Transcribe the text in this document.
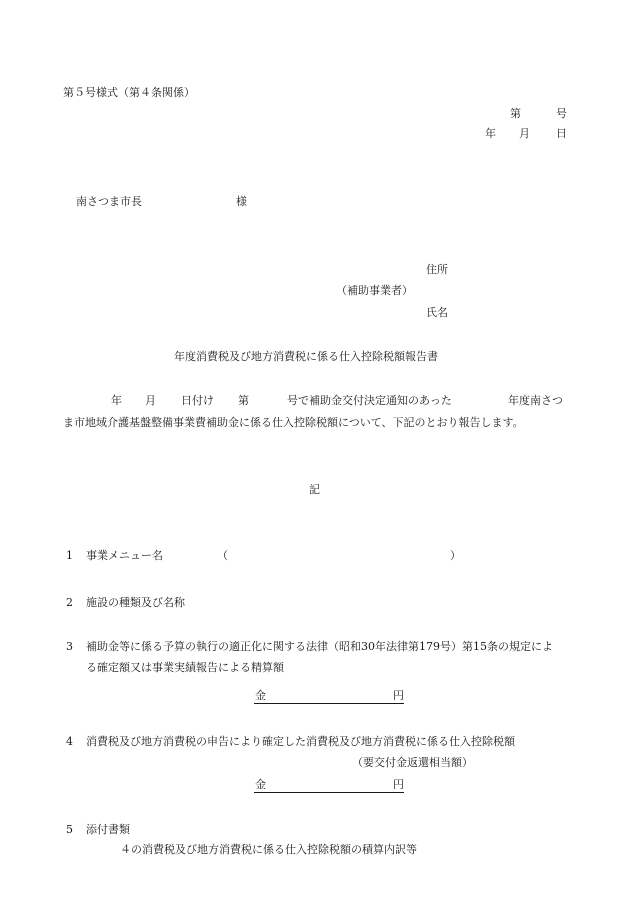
第５号様式（第４条関係）
第	号
年 月 日
南さつま市長	様
住所
（補助事業者）
氏名
年度消費税及び地方消費税に係る仕入控除税額報告書
年 月 日付け 第	号で補助金交付決定通知のあった	年度南さつ
ま市地域介護基盤整備事業費補助金に係る仕入控除税額について、下記のとおり報告します。
記
1 事業メニュー名	（	）
2 施設の種類及び名称
3 補助金等に係る予算の執行の適正化に関する法律（昭和30年法律第179号）第15条の規定によ
る確定額又は事業実績報告による精算額
金	円
4 消費税及び地方消費税の申告により確定した消費税及び地方消費税に係る仕入控除税額
（要交付金返還相当額）
金	円
5 添付書類
４の消費税及び地方消費税に係る仕入控除税額の積算内訳等
